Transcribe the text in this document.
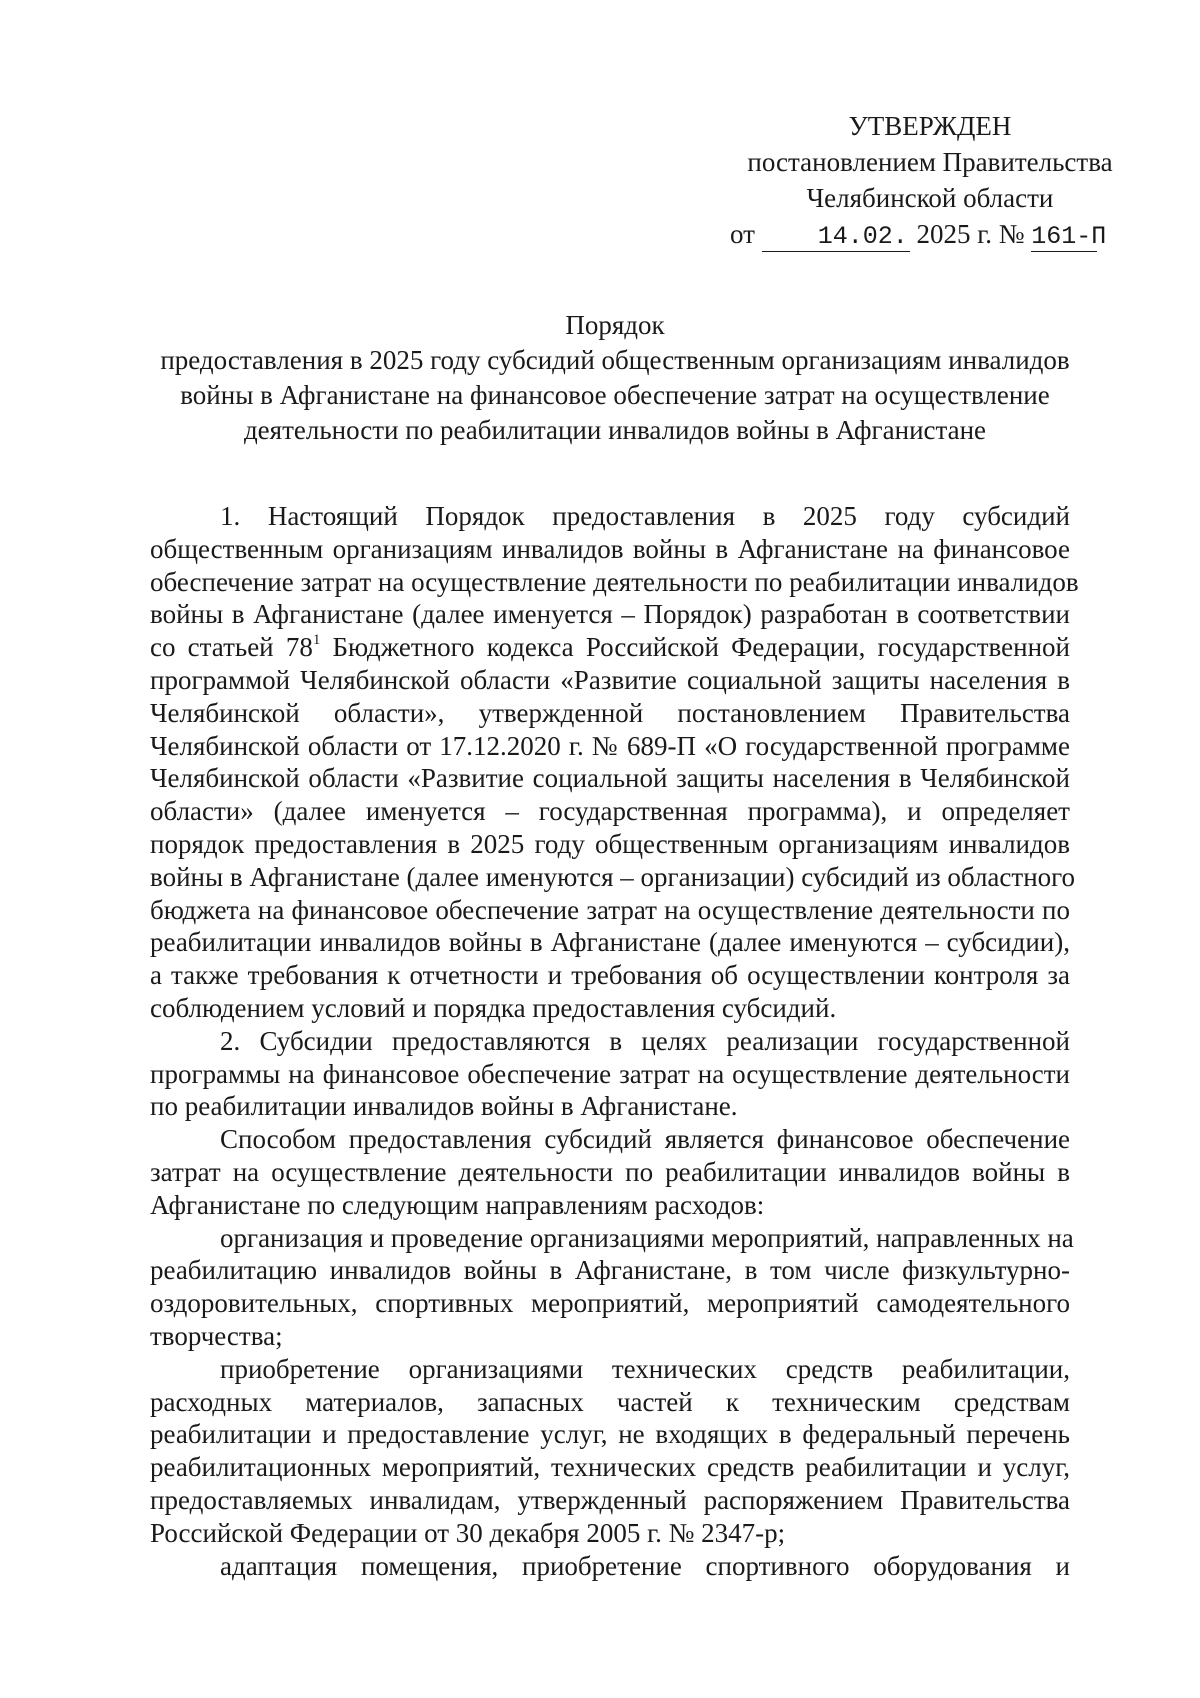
УТВЕРЖДЕН
постановлением Правительства
Челябинской области
от	14.02. 2025 г. № 161-П
Порядок
предоставления в 2025 году субсидий общественным организациям инвалидов
войны в Афганистане на финансовое обеспечение затрат на осуществление
деятельности по реабилитации инвалидов войны в Афганистане
1. Настоящий Порядок предоставления в 2025 году субсидий
общественным организациям инвалидов войны в Афганистане на финансовое
обеспечение затрат на осуществление деятельности по реабилитации инвалидов
войны в Афганистане (далее именуется – Порядок) разработан в соответствии
со статьей $78^1$ Бюджетного кодекса Российской Федерации, государственной
программой Челябинской области «Развитие социальной защиты населения в
Челябинской области», утвержденной постановлением Правительства
Челябинской области от 17.12.2020 г. № 689-П «О государственной программе
Челябинской области «Развитие социальной защиты населения в Челябинской
области» (далее именуется – государственная программа), и определяет
порядок предоставления в 2025 году общественным организациям инвалидов
войны в Афганистане (далее именуются – организации) субсидий из областного
бюджета на финансовое обеспечение затрат на осуществление деятельности по
реабилитации инвалидов войны в Афганистане (далее именуются – субсидии),
а также требования к отчетности и требования об осуществлении контроля за
соблюдением условий и порядка предоставления субсидий.
2. Субсидии предоставляются в целях реализации государственной
программы на финансовое обеспечение затрат на осуществление деятельности
по реабилитации инвалидов войны в Афганистане.
Способом предоставления субсидий является финансовое обеспечение
затрат на осуществление деятельности по реабилитации инвалидов войны в
Афганистане по следующим направлениям расходов:
организация и проведение организациями мероприятий, направленных на
реабилитацию инвалидов войны в Афганистане, в том числе физкультурно-
оздоровительных, спортивных мероприятий, мероприятий самодеятельного
творчества;
приобретение организациями технических средств реабилитации,
расходных материалов, запасных частей к техническим средствам
реабилитации и предоставление услуг, не входящих в федеральный перечень
реабилитационных мероприятий, технических средств реабилитации и услуг,
предоставляемых инвалидам, утвержденный распоряжением Правительства
Российской Федерации от 30 декабря 2005 г. № 2347-р;
адаптация помещения, приобретение спортивного оборудования и
